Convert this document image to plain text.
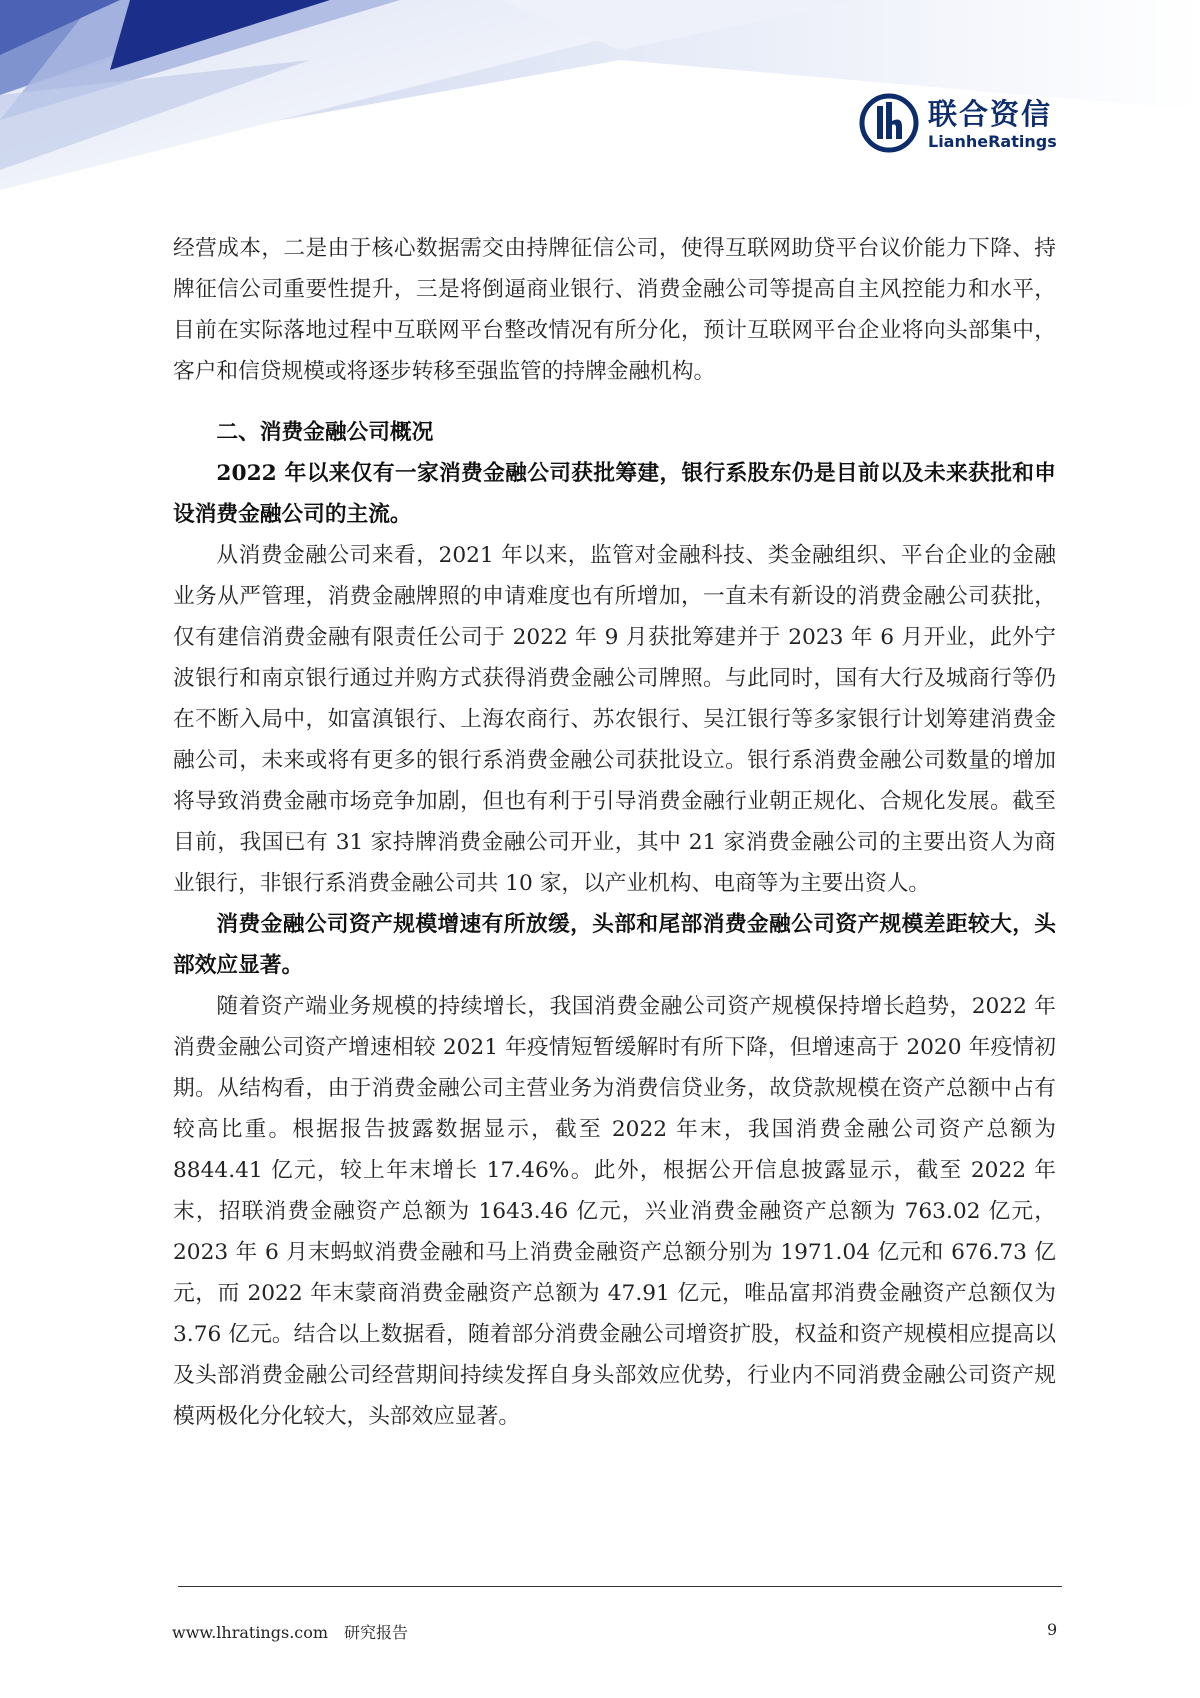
联合资信
LianheRatings

经营成本，二是由于核心数据需交由持牌征信公司，使得互联网助贷平台议价能力下降、持牌征信公司重要性提升，三是将倒逼商业银行、消费金融公司等提高自主风控能力和水平，目前在实际落地过程中互联网平台整改情况有所分化，预计互联网平台企业将向头部集中，客户和信贷规模或将逐步转移至强监管的持牌金融机构。

二、消费金融公司概况

2022 年以来仅有一家消费金融公司获批筹建，银行系股东仍是目前以及未来获批和申设消费金融公司的主流。

从消费金融公司来看，2021 年以来，监管对金融科技、类金融组织、平台企业的金融业务从严管理，消费金融牌照的申请难度也有所增加，一直未有新设的消费金融公司获批，仅有建信消费金融有限责任公司于 2022 年 9 月获批筹建并于 2023 年 6 月开业，此外宁波银行和南京银行通过并购方式获得消费金融公司牌照。与此同时，国有大行及城商行等仍在不断入局中，如富滇银行、上海农商行、苏农银行、吴江银行等多家银行计划筹建消费金融公司，未来或将有更多的银行系消费金融公司获批设立。银行系消费金融公司数量的增加将导致消费金融市场竞争加剧，但也有利于引导消费金融行业朝正规化、合规化发展。截至目前，我国已有 31 家持牌消费金融公司开业，其中 21 家消费金融公司的主要出资人为商业银行，非银行系消费金融公司共 10 家，以产业机构、电商等为主要出资人。

消费金融公司资产规模增速有所放缓，头部和尾部消费金融公司资产规模差距较大，头部效应显著。

随着资产端业务规模的持续增长，我国消费金融公司资产规模保持增长趋势，2022 年消费金融公司资产增速相较 2021 年疫情短暂缓解时有所下降，但增速高于 2020 年疫情初期。从结构看，由于消费金融公司主营业务为消费信贷业务，故贷款规模在资产总额中占有较高比重。根据报告披露数据显示，截至 2022 年末，我国消费金融公司资产总额为 8844.41 亿元，较上年末增长 17.46%。此外，根据公开信息披露显示，截至 2022 年末，招联消费金融资产总额为 1643.46 亿元，兴业消费金融资产总额为 763.02 亿元，2023 年 6 月末蚂蚁消费金融和马上消费金融资产总额分别为 1971.04 亿元和 676.73 亿元，而 2022 年末蒙商消费金融资产总额为 47.91 亿元，唯品富邦消费金融资产总额仅为 3.76 亿元。结合以上数据看，随着部分消费金融公司增资扩股，权益和资产规模相应提高以及头部消费金融公司经营期间持续发挥自身头部效应优势，行业内不同消费金融公司资产规模两极化分化较大，头部效应显著。

www.lhratings.com 研究报告	9
